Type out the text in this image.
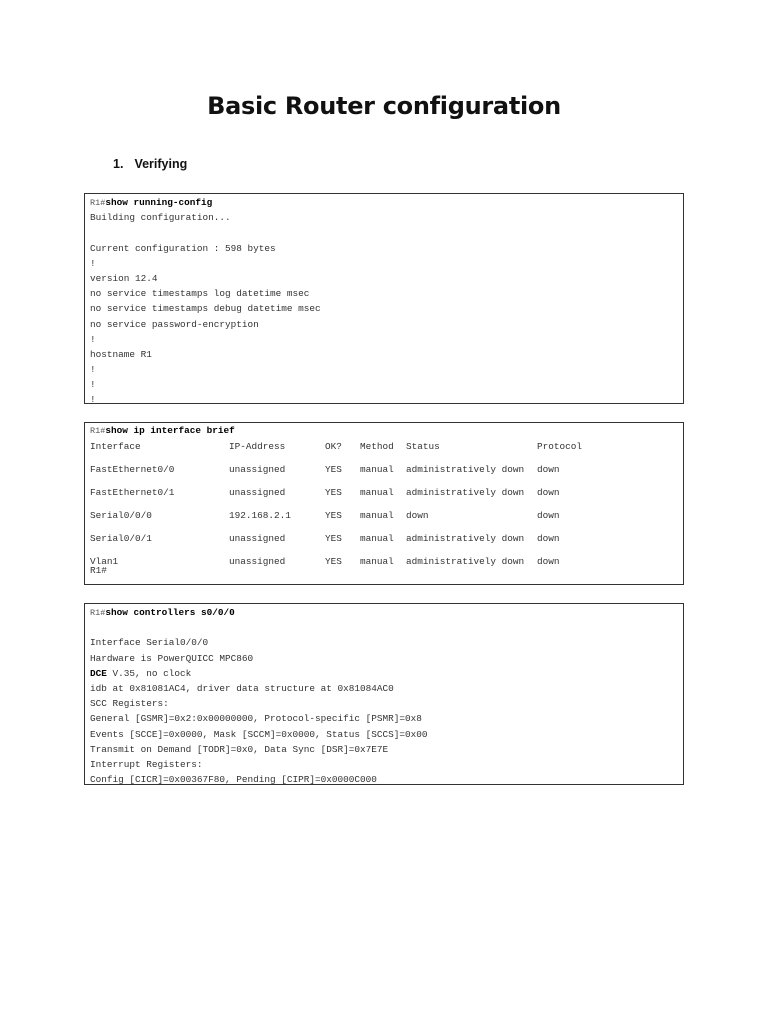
Basic Router configuration
1. Verifying
R1#show running-config
Building configuration...
Current configuration : 598 bytes
!
version 12.4
no service timestamps log datetime msec
no service timestamps debug datetime msec
no service password-encryption
!
hostname R1
!
!
!
R1#show ip interface brief
Interface	IP-Address	OK?	Method	Status	Protocol
FastEthernet0/0	unassigned	YES	manual	administratively down	down
FastEthernet0/1	unassigned	YES	manual	administratively down	down
Serial0/0/0	192.168.2.1	YES	manual	down	down
Serial0/0/1	unassigned	YES	manual	administratively down	down
Vlan1	unassigned	YES	manual	administratively down	down
R1#
R1#show controllers s0/0/0
Interface Serial0/0/0
Hardware is PowerQUICC MPC860
DCE V.35, no clock
idb at 0x81081AC4, driver data structure at 0x81084AC0
SCC Registers:
General [GSMR]=0x2:0x00000000, Protocol-specific [PSMR]=0x8
Events [SCCE]=0x0000, Mask [SCCM]=0x0000, Status [SCCS]=0x00
Transmit on Demand [TODR]=0x0, Data Sync [DSR]=0x7E7E
Interrupt Registers:
Config [CICR]=0x00367F80, Pending [CIPR]=0x0000C000
